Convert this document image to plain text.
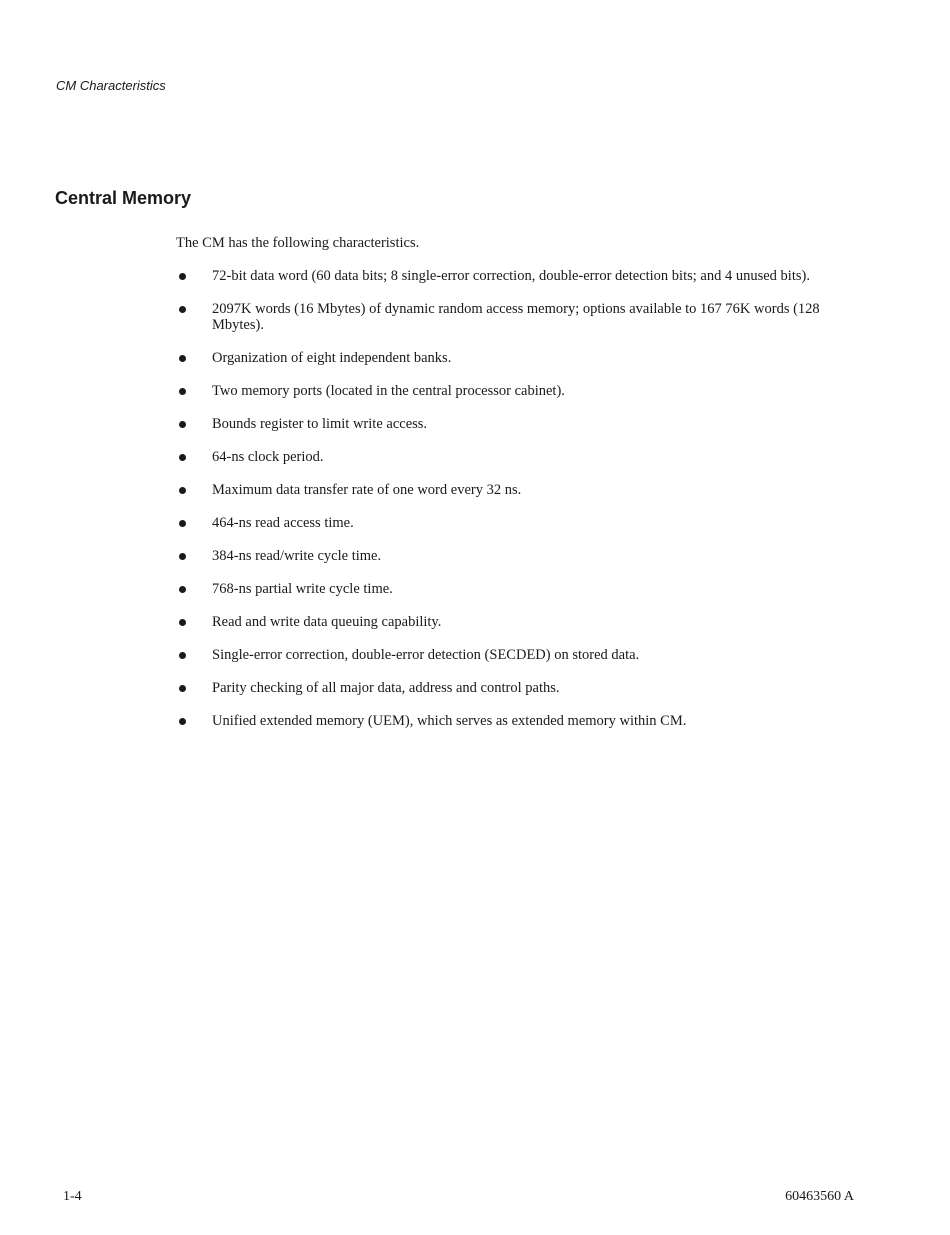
CM Characteristics
Central Memory

The CM has the following characteristics.

72-bit data word (60 data bits; 8 single-error correction, double-error detection bits; and 4 unused bits).
2097K words (16 Mbytes) of dynamic random access memory; options available to 167 76K words (128 Mbytes).
Organization of eight independent banks.
Two memory ports (located in the central processor cabinet).
Bounds register to limit write access.
64-ns clock period.
Maximum data transfer rate of one word every 32 ns.
464-ns read access time.
384-ns read/write cycle time.
768-ns partial write cycle time.
Read and write data queuing capability.
Single-error correction, double-error detection (SECDED) on stored data.
Parity checking of all major data, address and control paths.
Unified extended memory (UEM), which serves as extended memory within CM.
1-4	60463560 A
